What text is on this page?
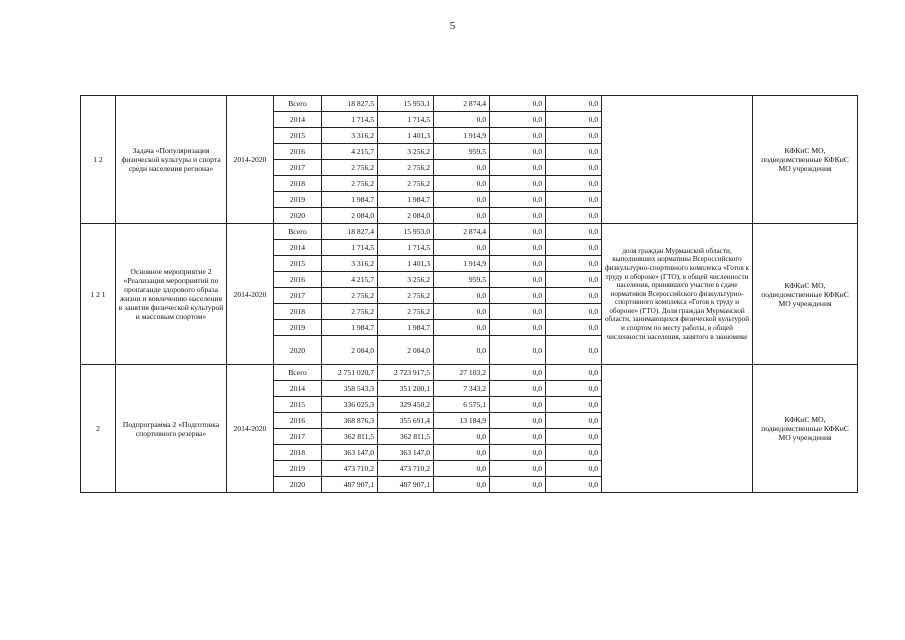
5
1 2	Задача «Популяризация физической культуры и спорта среди населения региона»	2014-2020	Всего	18 827,5	15 953,1	2 874,4	0,0	0,0		КФКиС МО, подведомственные КФКиС МО учреждения
			2014	1 714,5	1 714,5	0,0	0,0	0,0		
			2015	3 316,2	1 401,3	1 914,9	0,0	0,0		
			2016	4 215,7	3 256,2	959,5	0,0	0,0		
			2017	2 756,2	2 756,2	0,0	0,0	0,0		
			2018	2 756,2	2 756,2	0,0	0,0	0,0		
			2019	1 984,7	1 984,7	0,0	0,0	0,0		
			2020	2 084,0	2 084,0	0,0	0,0	0,0		
1 2 1	Основное мероприятие 2 «Реализация мероприятий по пропаганде здорового образа жизни и вовлечению населения в занятия физической культурой и массовым спортом»	2014-2020	Всего	18 827,4	15 953,0	2 874,4	0,0	0,0	доля граждан Мурманской области, выполнивших нормативы Всероссийского физкультурно-спортивного комплекса «Готов к труду и обороне» (ГТО), в общей численности населения, принявшего участие в сдаче нормативов Всероссийского физкультурно-спортивного комплекса «Готов к труду и обороне» (ГТО). Доля граждан Мурманской области, занимающихся физической культурой и спортом по месту работы, в общей численности населения, занятого в экономике	КФКиС МО, подведомственные КФКиС МО учреждения
			2014	1 714,5	1 714,5	0,0	0,0	0,0		
			2015	3 316,2	1 401,3	1 914,9	0,0	0,0		
			2016	4 215,7	3 256,2	959,5	0,0	0,0		
			2017	2 756,2	2 756,2	0,0	0,0	0,0		
			2018	2 756,2	2 756,2	0,0	0,0	0,0		
			2019	1 984,7	1 984,7	0,0	0,0	0,0		
			2020	2 084,0	2 084,0	0,0	0,0	0,0		
2	Подпрограмма 2 «Подготовка спортивного резерва»	2014-2020	Всего	2 751 020,7	2 723 917,5	27 103,2	0,0	0,0		КФКиС МО, подведомственные КФКиС МО учреждения
			2014	358 543,3	351 200,1	7 343,2	0,0	0,0		
			2015	336 025,3	329 450,2	6 575,1	0,0	0,0		
			2016	368 876,3	355 691,4	13 184,9	0,0	0,0		
			2017	362 811,5	362 811,5	0,0	0,0	0,0		
			2018	363 147,0	363 147,0	0,0	0,0	0,0		
			2019	473 710,2	473 710,2	0,0	0,0	0,0		
			2020	487 907,1	487 907,1	0,0	0,0	0,0		
